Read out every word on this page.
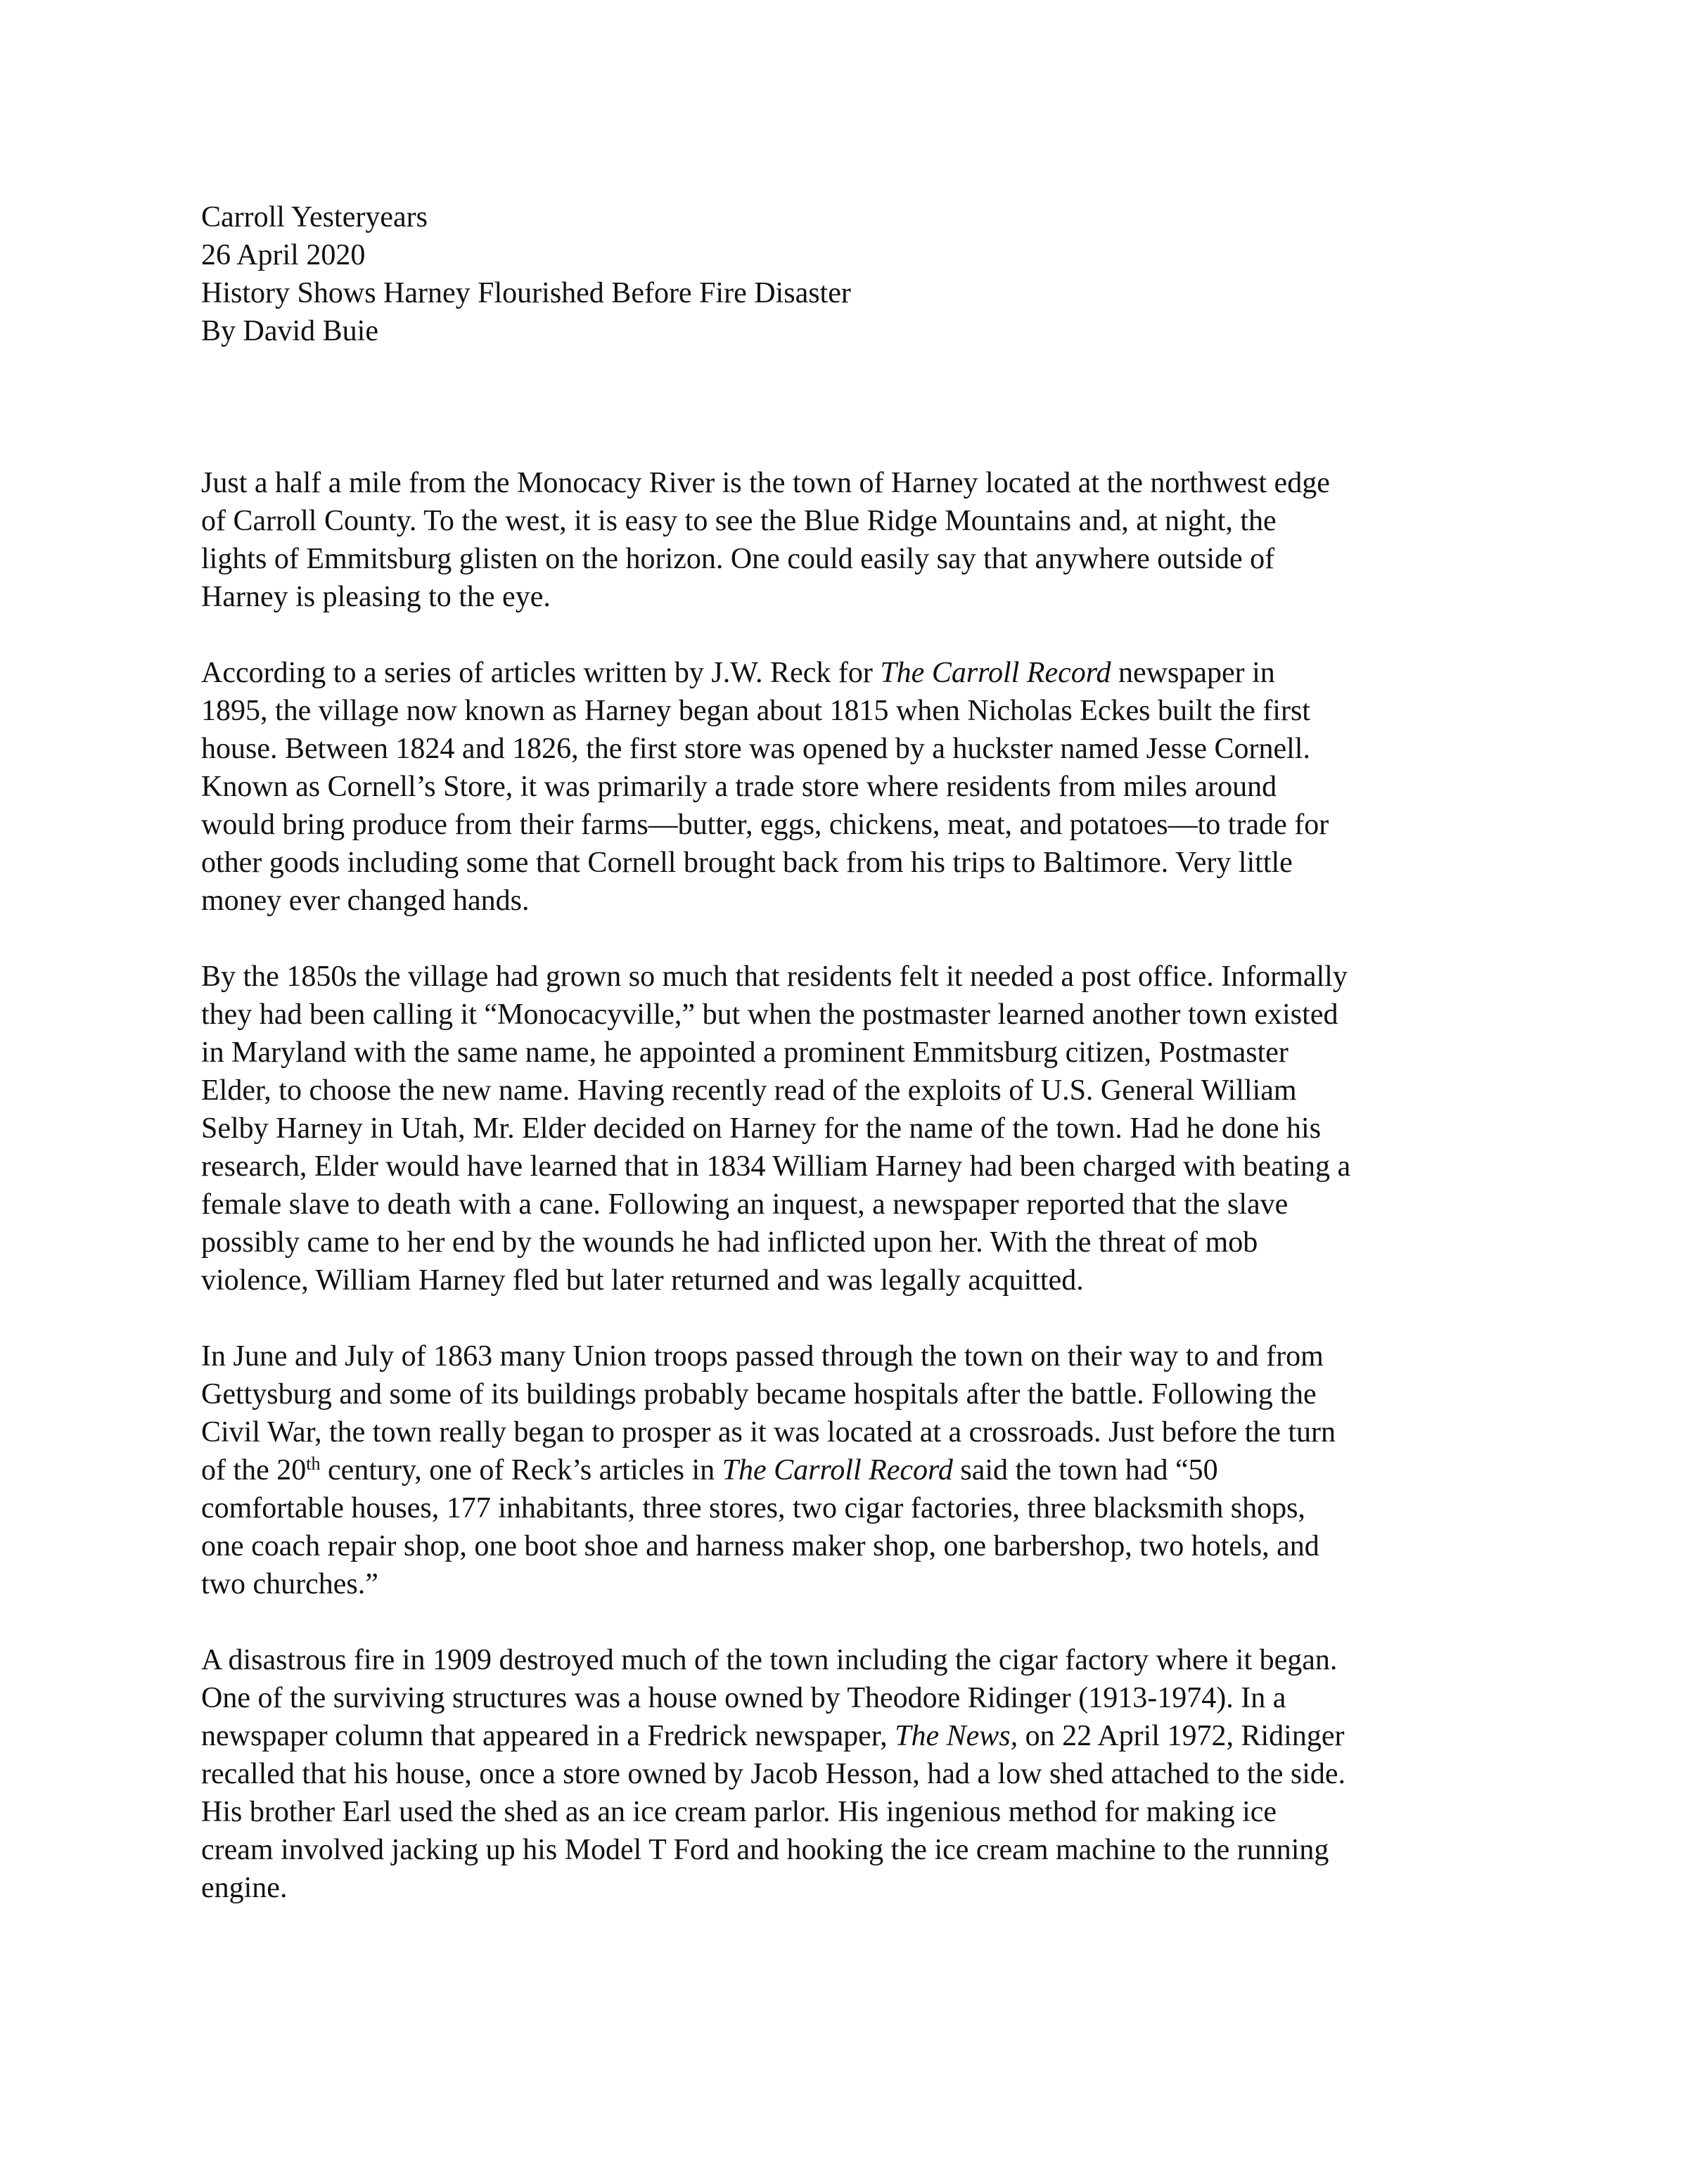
Carroll Yesteryears
26 April 2020
History Shows Harney Flourished Before Fire Disaster
By David Buie

Just a half a mile from the Monocacy River is the town of Harney located at the northwest edge
of Carroll County. To the west, it is easy to see the Blue Ridge Mountains and, at night, the
lights of Emmitsburg glisten on the horizon. One could easily say that anywhere outside of
Harney is pleasing to the eye.

According to a series of articles written by J.W. Reck for The Carroll Record newspaper in
1895, the village now known as Harney began about 1815 when Nicholas Eckes built the first
house. Between 1824 and 1826, the first store was opened by a huckster named Jesse Cornell.
Known as Cornell’s Store, it was primarily a trade store where residents from miles around
would bring produce from their farms—butter, eggs, chickens, meat, and potatoes—to trade for
other goods including some that Cornell brought back from his trips to Baltimore. Very little
money ever changed hands.

By the 1850s the village had grown so much that residents felt it needed a post office. Informally
they had been calling it “Monocacyville,” but when the postmaster learned another town existed
in Maryland with the same name, he appointed a prominent Emmitsburg citizen, Postmaster
Elder, to choose the new name. Having recently read of the exploits of U.S. General William
Selby Harney in Utah, Mr. Elder decided on Harney for the name of the town. Had he done his
research, Elder would have learned that in 1834 William Harney had been charged with beating a
female slave to death with a cane. Following an inquest, a newspaper reported that the slave
possibly came to her end by the wounds he had inflicted upon her. With the threat of mob
violence, William Harney fled but later returned and was legally acquitted.

In June and July of 1863 many Union troops passed through the town on their way to and from
Gettysburg and some of its buildings probably became hospitals after the battle. Following the
Civil War, the town really began to prosper as it was located at a crossroads. Just before the turn
of the 20th century, one of Reck’s articles in The Carroll Record said the town had “50
comfortable houses, 177 inhabitants, three stores, two cigar factories, three blacksmith shops,
one coach repair shop, one boot shoe and harness maker shop, one barbershop, two hotels, and
two churches.”

A disastrous fire in 1909 destroyed much of the town including the cigar factory where it began.
One of the surviving structures was a house owned by Theodore Ridinger (1913-1974). In a
newspaper column that appeared in a Fredrick newspaper, The News, on 22 April 1972, Ridinger
recalled that his house, once a store owned by Jacob Hesson, had a low shed attached to the side.
His brother Earl used the shed as an ice cream parlor. His ingenious method for making ice
cream involved jacking up his Model T Ford and hooking the ice cream machine to the running
engine.
